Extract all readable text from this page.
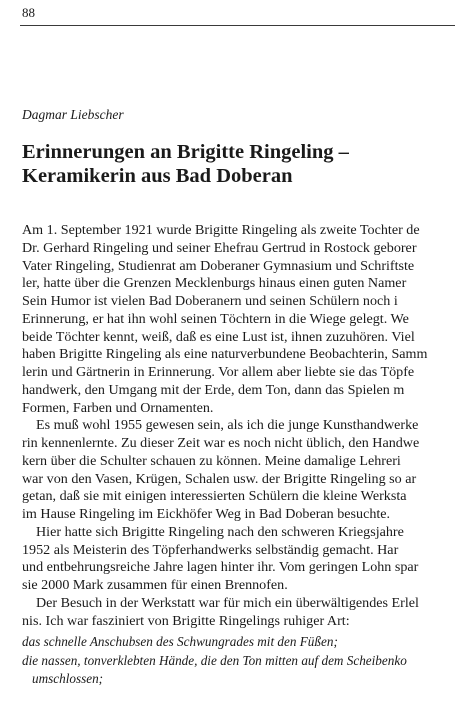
88
Dagmar Liebscher
Erinnerungen an Brigitte Ringeling –
Keramikerin aus Bad Doberan
Am 1. September 1921 wurde Brigitte Ringeling als zweite Tochter de
Dr. Gerhard Ringeling und seiner Ehefrau Gertrud in Rostock geborer
Vater Ringeling, Studienrat am Doberaner Gymnasium und Schriftste
ler, hatte über die Grenzen Mecklenburgs hinaus einen guten Namer
Sein Humor ist vielen Bad Doberanern und seinen Schülern noch i
Erinnerung, er hat ihn wohl seinen Töchtern in die Wiege gelegt. We
beide Töchter kennt, weiß, daß es eine Lust ist, ihnen zuzuhören. Viel
haben Brigitte Ringeling als eine naturverbundene Beobachterin, Samm
lerin und Gärtnerin in Erinnerung. Vor allem aber liebte sie das Töpfe
handwerk, den Umgang mit der Erde, dem Ton, dann das Spielen m
Formen, Farben und Ornamenten.
Es muß wohl 1955 gewesen sein, als ich die junge Kunsthandwerke
rin kennenlernte. Zu dieser Zeit war es noch nicht üblich, den Handwe
kern über die Schulter schauen zu können. Meine damalige Lehreri
war von den Vasen, Krügen, Schalen usw. der Brigitte Ringeling so ar
getan, daß sie mit einigen interessierten Schülern die kleine Werksta
im Hause Ringeling im Eickhöfer Weg in Bad Doberan besuchte.
Hier hatte sich Brigitte Ringeling nach den schweren Kriegsjahre
1952 als Meisterin des Töpferhandwerks selbständig gemacht. Har
und entbehrungsreiche Jahre lagen hinter ihr. Vom geringen Lohn spar
sie 2000 Mark zusammen für einen Brennofen.
Der Besuch in der Werkstatt war für mich ein überwältigendes Erlel
nis. Ich war fasziniert von Brigitte Ringelings ruhiger Art:
das schnelle Anschubsen des Schwungrades mit den Füßen;
die nassen, tonverklebten Hände, die den Ton mitten auf dem Scheibenko
umschlossen;
